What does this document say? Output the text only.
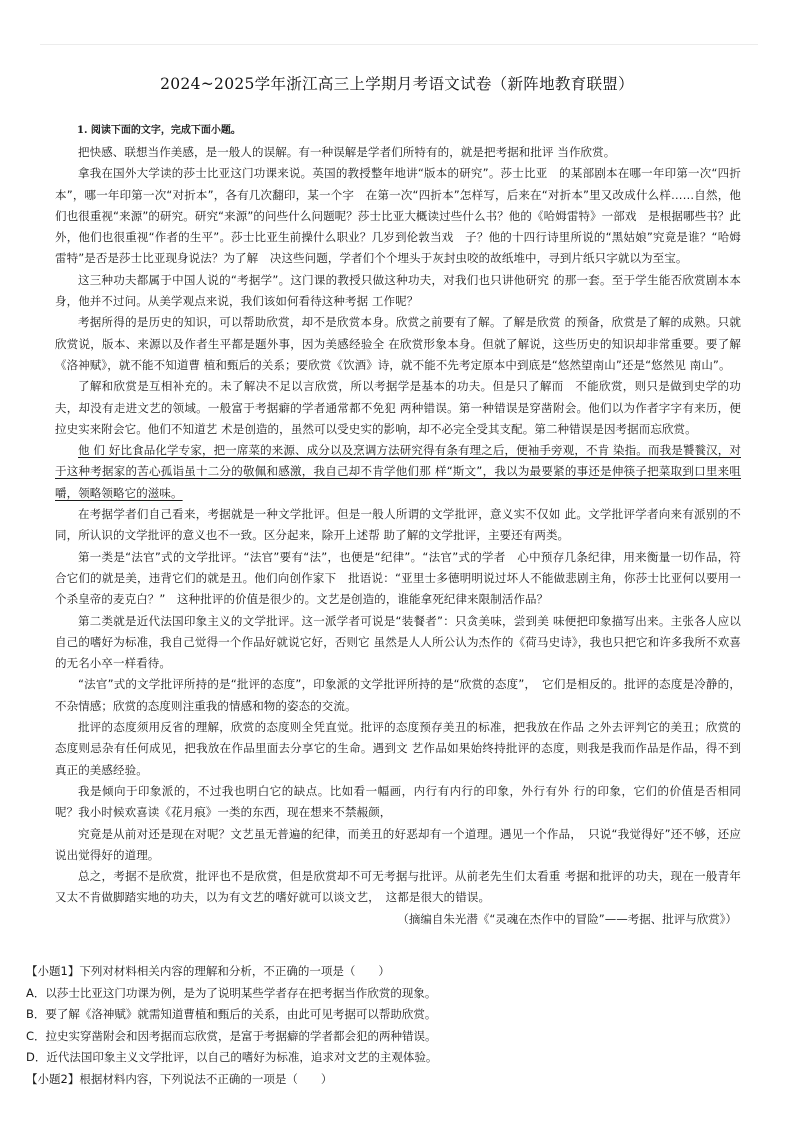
2024~2025学年浙江高三上学期月考语文试卷（新阵地教育联盟）
1. 阅读下面的文字，完成下面小题。

把快感、联想当作美感，是一般人的误解。有一种误解是学者们所特有的，就是把考据和批评 当作欣赏。

拿我在国外大学读的莎士比亚这门功课来说。英国的教授整年地讲“版本的研究”。莎士比亚　的某部剧本在哪一年印第一次“四折本”，哪一年印第一次“对折本”，各有几次翻印，某一个字　在第一次“四折本”怎样写，后来在“对折本”里又改成什么样……自然，他们也很重视“来源”的研究。研究“来源”的问些什么问题呢？莎士比亚大概读过些什么书？他的《哈姆雷特》一部戏　是根据哪些书？此外，他们也很重视“作者的生平”。莎士比亚生前操什么职业？几岁到伦敦当戏　子？他的十四行诗里所说的“黑姑娘”究竟是谁？“哈姆雷特”是否是莎士比亚现身说法？为了解　决这些问题，学者们个个埋头于灰封虫咬的故纸堆中，寻到片纸只字就以为至宝。

这三种功夫都属于中国人说的“考据学”。这门课的教授只做这种功夫，对我们也只讲他研究 的那一套。至于学生能否欣赏剧本本身，他并不过问。从美学观点来说，我们该如何看待这种考据 工作呢？

考据所得的是历史的知识，可以帮助欣赏，却不是欣赏本身。欣赏之前要有了解。了解是欣赏 的预备，欣赏是了解的成熟。只就欣赏说，版本、来源以及作者生平都是题外事，因为美感经验全 在欣赏形象本身。但就了解说，这些历史的知识却非常重要。要了解《洛神赋》，就不能不知道曹 植和甄后的关系；要欣赏《饮酒》诗，就不能不先考定原本中到底是“悠然望南山”还是“悠然见 南山”。

了解和欣赏是互相补充的。未了解决不足以言欣赏，所以考据学是基本的功夫。但是只了解而　不能欣赏，则只是做到史学的功夫，却没有走进文艺的领域。一般富于考据癖的学者通常都不免犯 两种错误。第一种错误是穿凿附会。他们以为作者字字有来历，便拉史实来附会它。他们不知道艺 术是创造的，虽然可以受史实的影响，却不必完全受其支配。第二种错误是因考据而忘欣赏。

他 们 好比食品化学专家，把一席菜的来源、成分以及烹调方法研究得有条有理之后，便袖手旁观，不肯 染指。而我是饕餮汉，对于这种考据家的苦心孤诣虽十二分的敬佩和感激，我自己却不肯学他们那 样“斯文”，我以为最要紧的事还是伸筷子把菜取到口里来咀嚼，领略领略它的滋味。

在考据学者们自己看来，考据就是一种文学批评。但是一般人所谓的文学批评，意义实不仅如 此。文学批评学者向来有派别的不同，所认识的文学批评的意义也不一致。区分起来，除开上述帮 助了解的文学批评，主要还有两类。

第一类是“法官”式的文学批评。“法官”要有“法”，也便是“纪律”。“法官”式的学者　心中预存几条纪律，用来衡量一切作品，符合它们的就是美，违背它们的就是丑。他们向创作家下　批语说：“亚里士多德明明说过坏人不能做悲剧主角，你莎士比亚何以要用一个杀皇帝的麦克白？”　这种批评的价值是很少的。文艺是创造的，谁能拿死纪律来限制活作品？

第二类就是近代法国印象主义的文学批评。这一派学者可说是“装餐者”：只贪美味，尝到美 味便把印象描写出来。主张各人应以自己的嗜好为标准，我自己觉得一个作品好就说它好，否则它 虽然是人人所公认为杰作的《荷马史诗》，我也只把它和许多我所不欢喜的无名小卒一样看待。

“法官”式的文学批评所持的是“批评的态度”，印象派的文学批评所持的是“欣赏的态度”，　它们是相反的。批评的态度是冷静的，不杂情感；欣赏的态度则注重我的情感和物的姿态的交流。

批评的态度须用反省的理解，欣赏的态度则全凭直觉。批评的态度预存美丑的标准，把我放在作品 之外去评判它的美丑；欣赏的态度则忌杂有任何成见，把我放在作品里面去分享它的生命。遇到文 艺作品如果始终持批评的态度，则我是我而作品是作品，得不到真正的美感经验。

我是倾向于印象派的，不过我也明白它的缺点。比如看一幅画，内行有内行的印象，外行有外 行的印象，它们的价值是否相同呢？我小时候欢喜读《花月痕》一类的东西，现在想来不禁赧颜，

究竟是从前对还是现在对呢？文艺虽无普遍的纪律，而美丑的好恶却有一个道理。遇见一个作品，　只说“我觉得好”还不够，还应说出觉得好的道理。

总之，考据不是欣赏，批评也不是欣赏，但是欣赏却不可无考据与批评。从前老先生们太看重 考据和批评的功夫，现在一般青年又太不肯做脚踏实地的功夫，以为有文艺的嗜好就可以谈文艺，　这都是很大的错误。

（摘编自朱光潜《“灵魂在杰作中的冒险”——考据、批评与欣赏》）

【小题1】下列对材料相关内容的理解和分析，不正确的一项是（　　）

A．以莎士比亚这门功课为例，是为了说明某些学者存在把考据当作欣赏的现象。

B．要了解《洛神赋》就需知道曹植和甄后的关系，由此可见考据可以帮助欣赏。

C．拉史实穿凿附会和因考据而忘欣赏，是富于考据癖的学者都会犯的两种错误。

D．近代法国印象主义文学批评，以自己的嗜好为标准，追求对文艺的主观体验。

【小题2】根据材料内容，下列说法不正确的一项是（　　）
